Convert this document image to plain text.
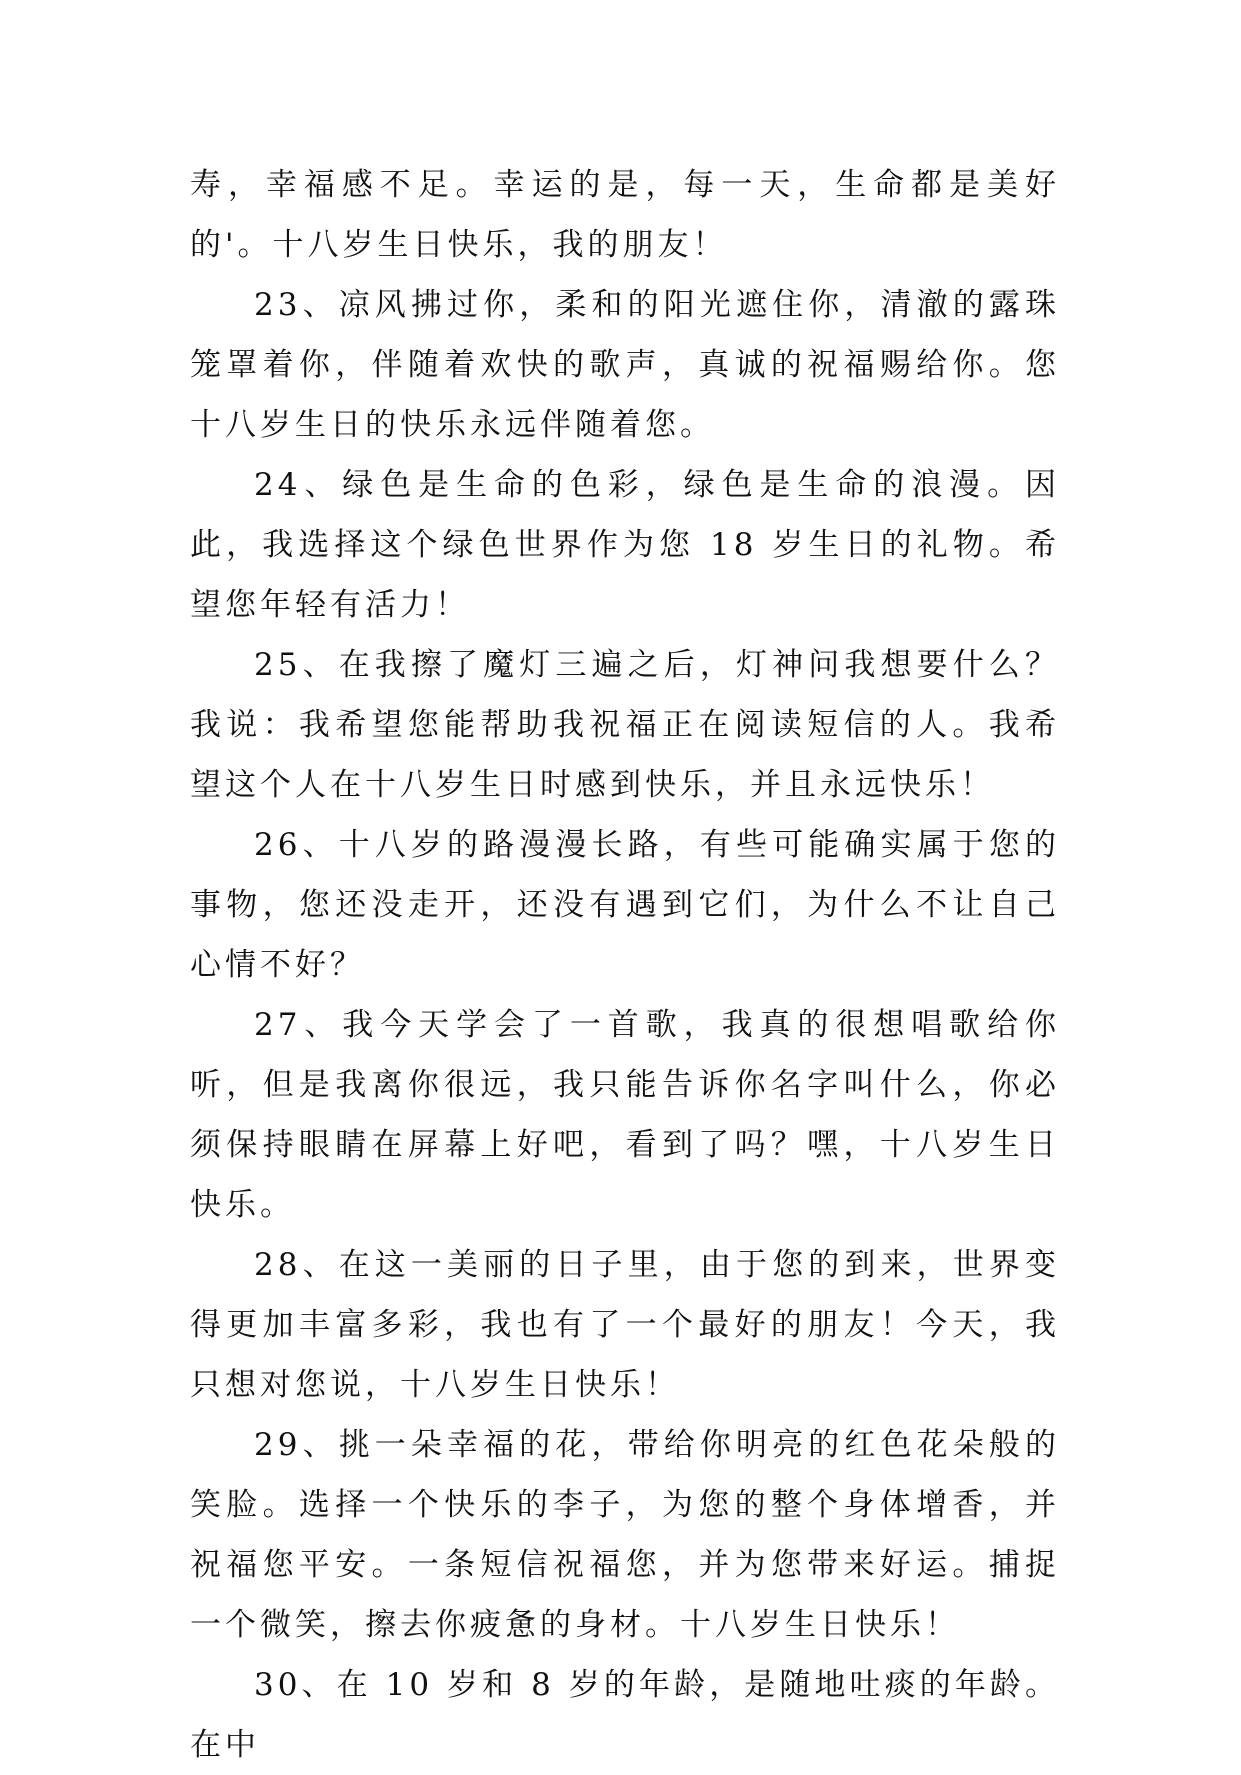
寿，幸福感不足。幸运的是，每一天，生命都是美好的'。十八岁生日快乐，我的朋友！

23、凉风拂过你，柔和的阳光遮住你，清澈的露珠笼罩着你，伴随着欢快的歌声，真诚的祝福赐给你。您十八岁生日的快乐永远伴随着您。

24、绿色是生命的色彩，绿色是生命的浪漫。因此，我选择这个绿色世界作为您 18 岁生日的礼物。希望您年轻有活力！

25、在我擦了魔灯三遍之后，灯神问我想要什么？我说：我希望您能帮助我祝福正在阅读短信的人。我希望这个人在十八岁生日时感到快乐，并且永远快乐！

26、十八岁的路漫漫长路，有些可能确实属于您的事物，您还没走开，还没有遇到它们，为什么不让自己心情不好？

27、我今天学会了一首歌，我真的很想唱歌给你听，但是我离你很远，我只能告诉你名字叫什么，你必须保持眼睛在屏幕上好吧，看到了吗？嘿，十八岁生日快乐。

28、在这一美丽的日子里，由于您的到来，世界变得更加丰富多彩，我也有了一个最好的朋友！今天，我只想对您说，十八岁生日快乐！

29、挑一朵幸福的花，带给你明亮的红色花朵般的笑脸。选择一个快乐的李子，为您的整个身体增香，并祝福您平安。一条短信祝福您，并为您带来好运。捕捉一个微笑，擦去你疲惫的身材。十八岁生日快乐！

30、在 10 岁和 8 岁的年龄，是随地吐痰的年龄。在中
